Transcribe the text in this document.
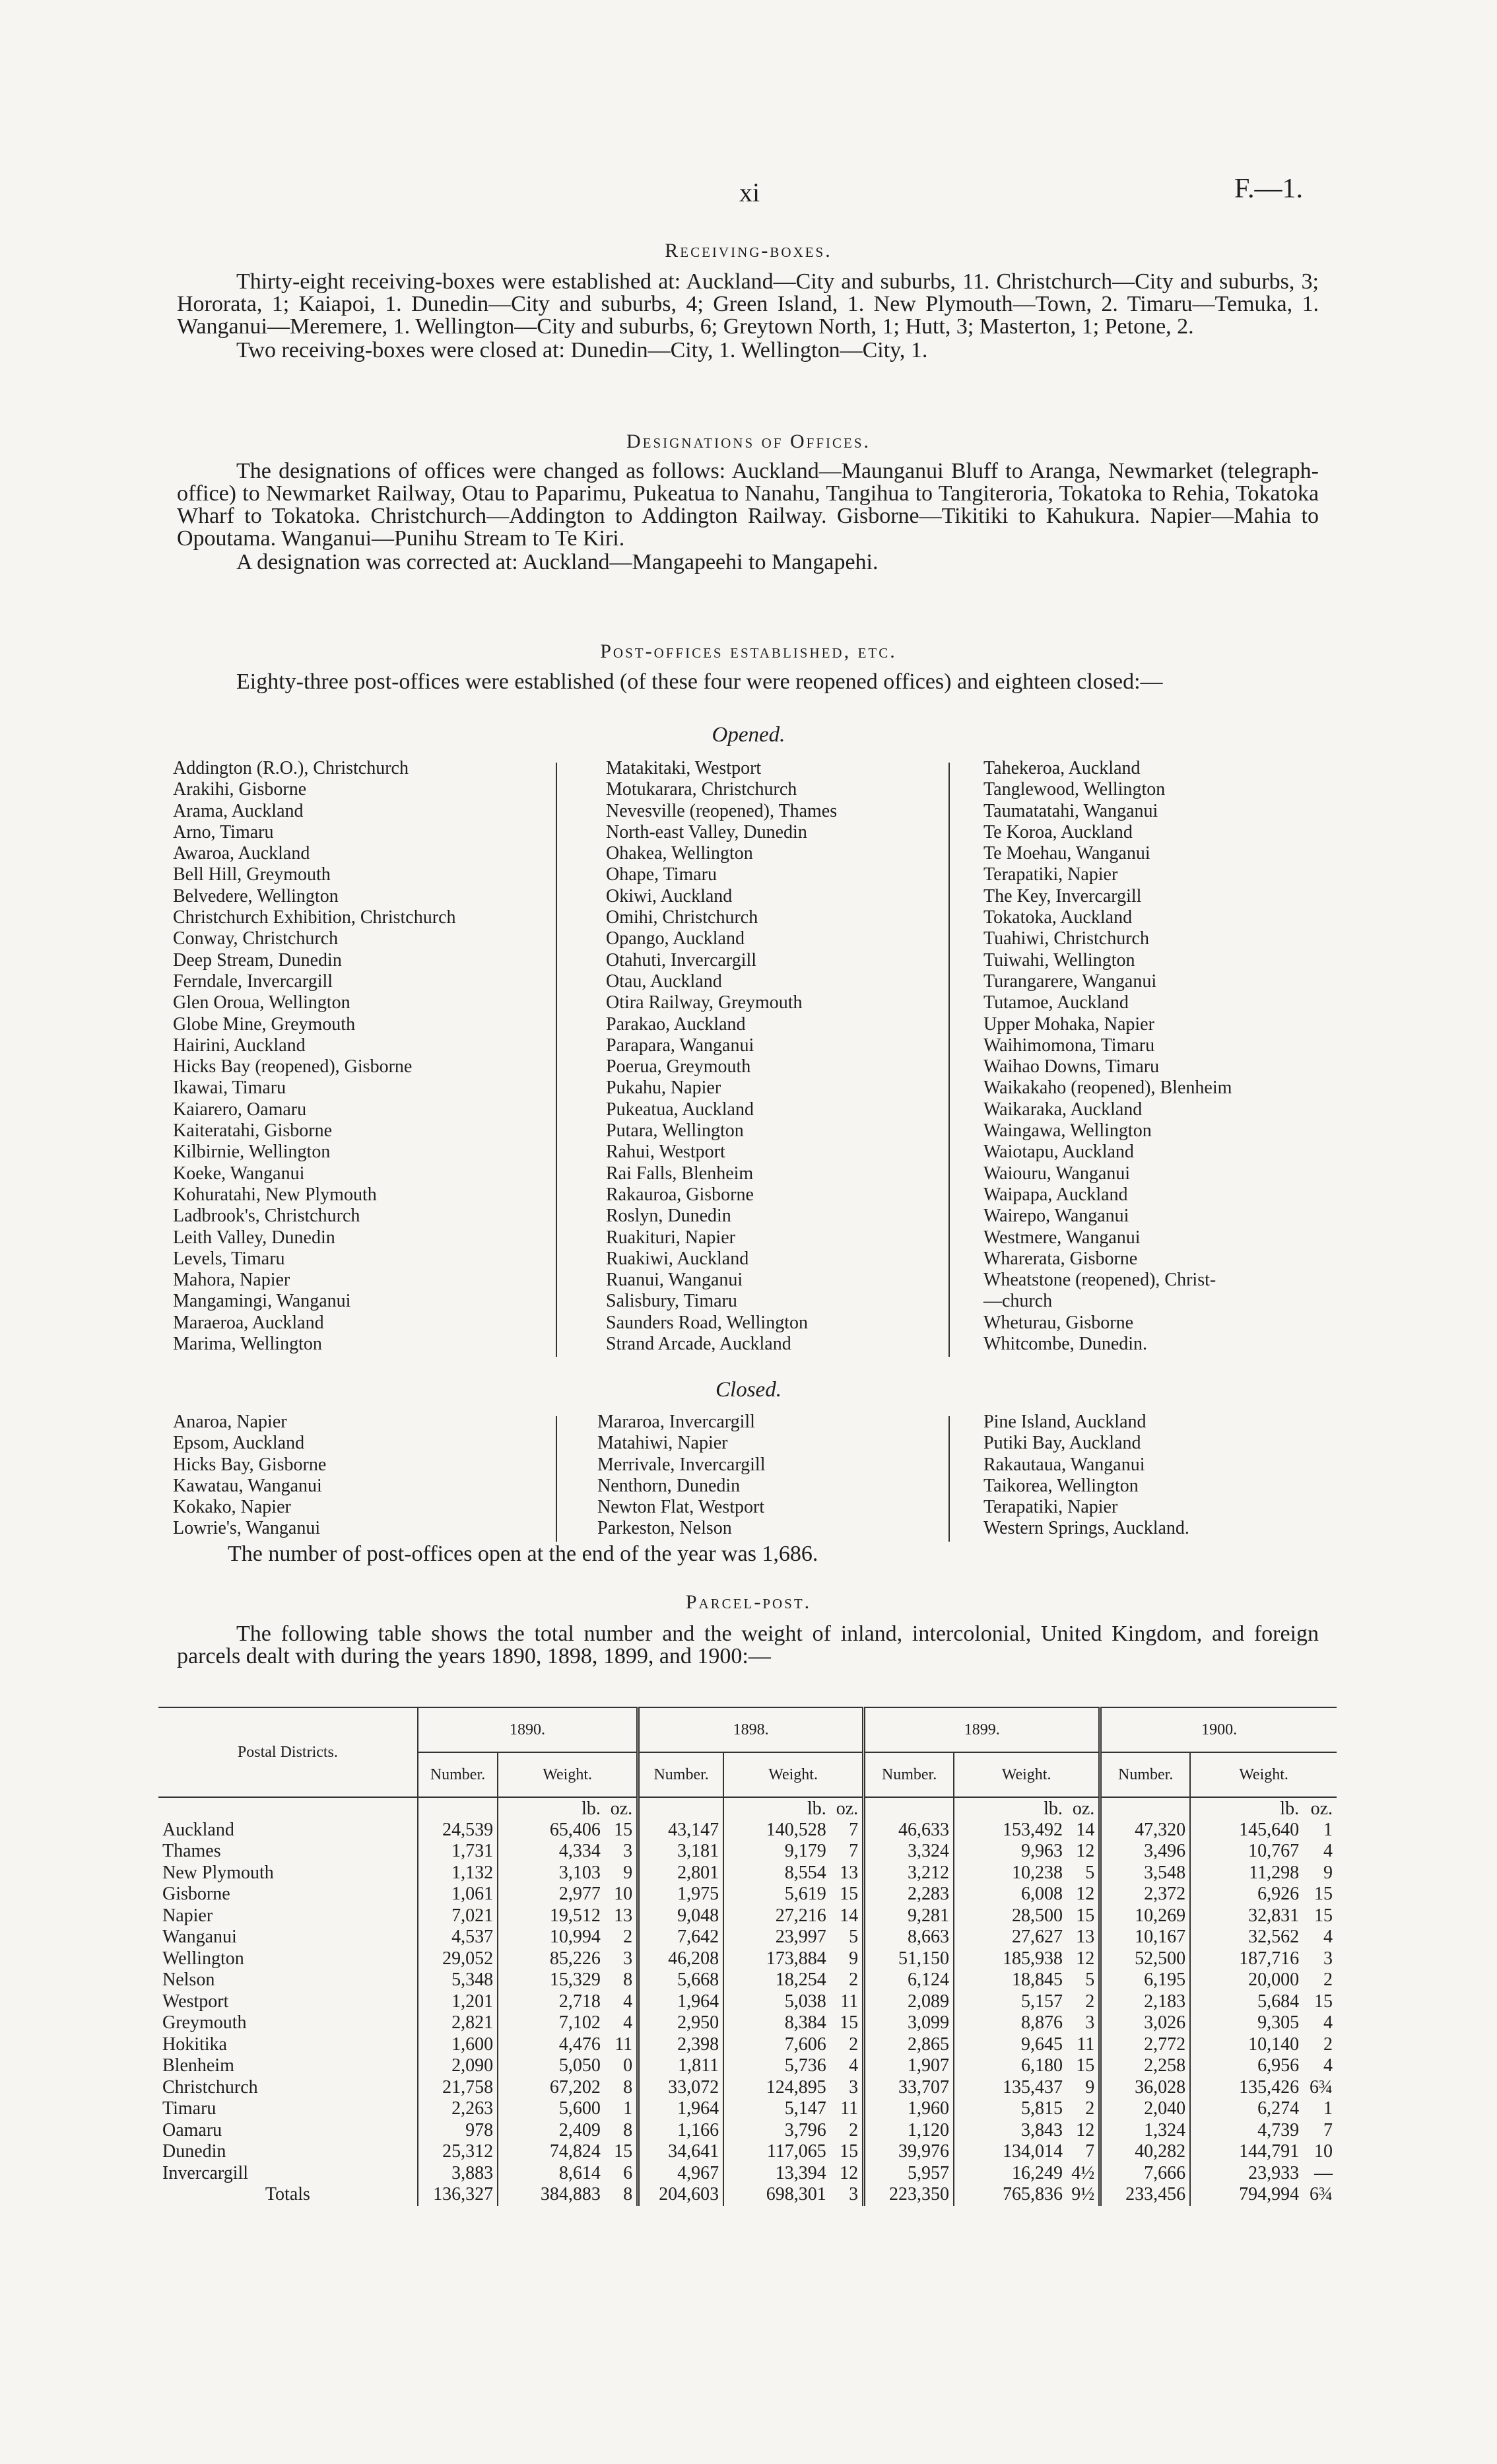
xi	F.—1.
Receiving-boxes.

Thirty-eight receiving-boxes were established at: Auckland—City and suburbs, 11. Christchurch—City and suburbs, 3; Hororata, 1; Kaiapoi, 1. Dunedin—City and suburbs, 4; Green Island, 1. New Plymouth—Town, 2. Timaru—Temuka, 1. Wanganui—Meremere, 1. Wellington—City and suburbs, 6; Greytown North, 1; Hutt, 3; Masterton, 1; Petone, 2.

Two receiving-boxes were closed at: Dunedin—City, 1. Wellington—City, 1.

Designations of Offices.

The designations of offices were changed as follows: Auckland—Maunganui Bluff to Aranga, Newmarket (telegraph-office) to Newmarket Railway, Otau to Paparimu, Pukeatua to Nanahu, Tangihua to Tangiteroria, Tokatoka to Rehia, Tokatoka Wharf to Tokatoka. Christchurch—Addington to Addington Railway. Gisborne—Tikitiki to Kahukura. Napier—Mahia to Opoutama. Wanganui—Punihu Stream to Te Kiri.

A designation was corrected at: Auckland—Mangapeehi to Mangapehi.

Post-offices established, etc.

Eighty-three post-offices were established (of these four were reopened offices) and eighteen closed:—

Opened.
Addington (R.O.), Christchurch
Arakihi, Gisborne
Arama, Auckland
Arno, Timaru
Awaroa, Auckland
Bell Hill, Greymouth
Belvedere, Wellington
Christchurch Exhibition, Christchurch
Conway, Christchurch
Deep Stream, Dunedin
Ferndale, Invercargill
Glen Oroua, Wellington
Globe Mine, Greymouth
Hairini, Auckland
Hicks Bay (reopened), Gisborne
Ikawai, Timaru
Kaiarero, Oamaru
Kaiteratahi, Gisborne
Kilbirnie, Wellington
Koeke, Wanganui
Kohuratahi, New Plymouth
Ladbrook's, Christchurch
Leith Valley, Dunedin
Levels, Timaru
Mahora, Napier
Mangamingi, Wanganui
Maraeroa, Auckland
Marima, Wellington
Matakitaki, Westport
Motukarara, Christchurch
Nevesville (reopened), Thames
North-east Valley, Dunedin
Ohakea, Wellington
Ohape, Timaru
Okiwi, Auckland
Omihi, Christchurch
Opango, Auckland
Otahuti, Invercargill
Otau, Auckland
Otira Railway, Greymouth
Parakao, Auckland
Parapara, Wanganui
Poerua, Greymouth
Pukahu, Napier
Pukeatua, Auckland
Putara, Wellington
Rahui, Westport
Rai Falls, Blenheim
Rakauroa, Gisborne
Roslyn, Dunedin
Ruakituri, Napier
Ruakiwi, Auckland
Ruanui, Wanganui
Salisbury, Timaru
Saunders Road, Wellington
Strand Arcade, Auckland
Tahekeroa, Auckland
Tanglewood, Wellington
Taumatatahi, Wanganui
Te Koroa, Auckland
Te Moehau, Wanganui
Terapatiki, Napier
The Key, Invercargill
Tokatoka, Auckland
Tuahiwi, Christchurch
Tuiwahi, Wellington
Turangarere, Wanganui
Tutamoe, Auckland
Upper Mohaka, Napier
Waihimomona, Timaru
Waihao Downs, Timaru
Waikakaho (reopened), Blenheim
Waikaraka, Auckland
Waingawa, Wellington
Waiotapu, Auckland
Waiouru, Wanganui
Waipapa, Auckland
Wairepo, Wanganui
Westmere, Wanganui
Wharerata, Gisborne
Wheatstone (reopened), Christ-
—church
Wheturau, Gisborne
Whitcombe, Dunedin.
Closed.
Anaroa, Napier
Epsom, Auckland
Hicks Bay, Gisborne
Kawatau, Wanganui
Kokako, Napier
Lowrie's, Wanganui
Mararoa, Invercargill
Matahiwi, Napier
Merrivale, Invercargill
Nenthorn, Dunedin
Newton Flat, Westport
Parkeston, Nelson
Pine Island, Auckland
Putiki Bay, Auckland
Rakautaua, Wanganui
Taikorea, Wellington
Terapatiki, Napier
Western Springs, Auckland.
The number of post-offices open at the end of the year was 1,686.
Parcel-post.

The following table shows the total number and the weight of inland, intercolonial, United Kingdom, and foreign parcels dealt with during the years 1890, 1898, 1899, and 1900:—

Postal Districts.	1890.			1898.			1899.			1900.		
	Number.	Weight.		Number.	Weight.		Number.	Weight.		Number.	Weight.	
		lb.	oz.		lb.	oz.		lb.	oz.		lb.	oz.
Auckland	24,539	65,406	15	43,147	140,528	7	46,633	153,492	14	47,320	145,640	1
Thames	1,731	4,334	3	3,181	9,179	7	3,324	9,963	12	3,496	10,767	4
New Plymouth	1,132	3,103	9	2,801	8,554	13	3,212	10,238	5	3,548	11,298	9
Gisborne	1,061	2,977	10	1,975	5,619	15	2,283	6,008	12	2,372	6,926	15
Napier	7,021	19,512	13	9,048	27,216	14	9,281	28,500	15	10,269	32,831	15
Wanganui	4,537	10,994	2	7,642	23,997	5	8,663	27,627	13	10,167	32,562	4
Wellington	29,052	85,226	3	46,208	173,884	9	51,150	185,938	12	52,500	187,716	3
Nelson	5,348	15,329	8	5,668	18,254	2	6,124	18,845	5	6,195	20,000	2
Westport	1,201	2,718	4	1,964	5,038	11	2,089	5,157	2	2,183	5,684	15
Greymouth	2,821	7,102	4	2,950	8,384	15	3,099	8,876	3	3,026	9,305	4
Hokitika	1,600	4,476	11	2,398	7,606	2	2,865	9,645	11	2,772	10,140	2
Blenheim	2,090	5,050	0	1,811	5,736	4	1,907	6,180	15	2,258	6,956	4
Christchurch	21,758	67,202	8	33,072	124,895	3	33,707	135,437	9	36,028	135,426	6¾
Timaru	2,263	5,600	1	1,964	5,147	11	1,960	5,815	2	2,040	6,274	1
Oamaru	978	2,409	8	1,166	3,796	2	1,120	3,843	12	1,324	4,739	7
Dunedin	25,312	74,824	15	34,641	117,065	15	39,976	134,014	7	40,282	144,791	10
Invercargill	3,883	8,614	6	4,967	13,394	12	5,957	16,249	4½	7,666	23,933	—
Totals	136,327	384,883	8	204,603	698,301	3	223,350	765,836	9½	233,456	794,994	6¾
